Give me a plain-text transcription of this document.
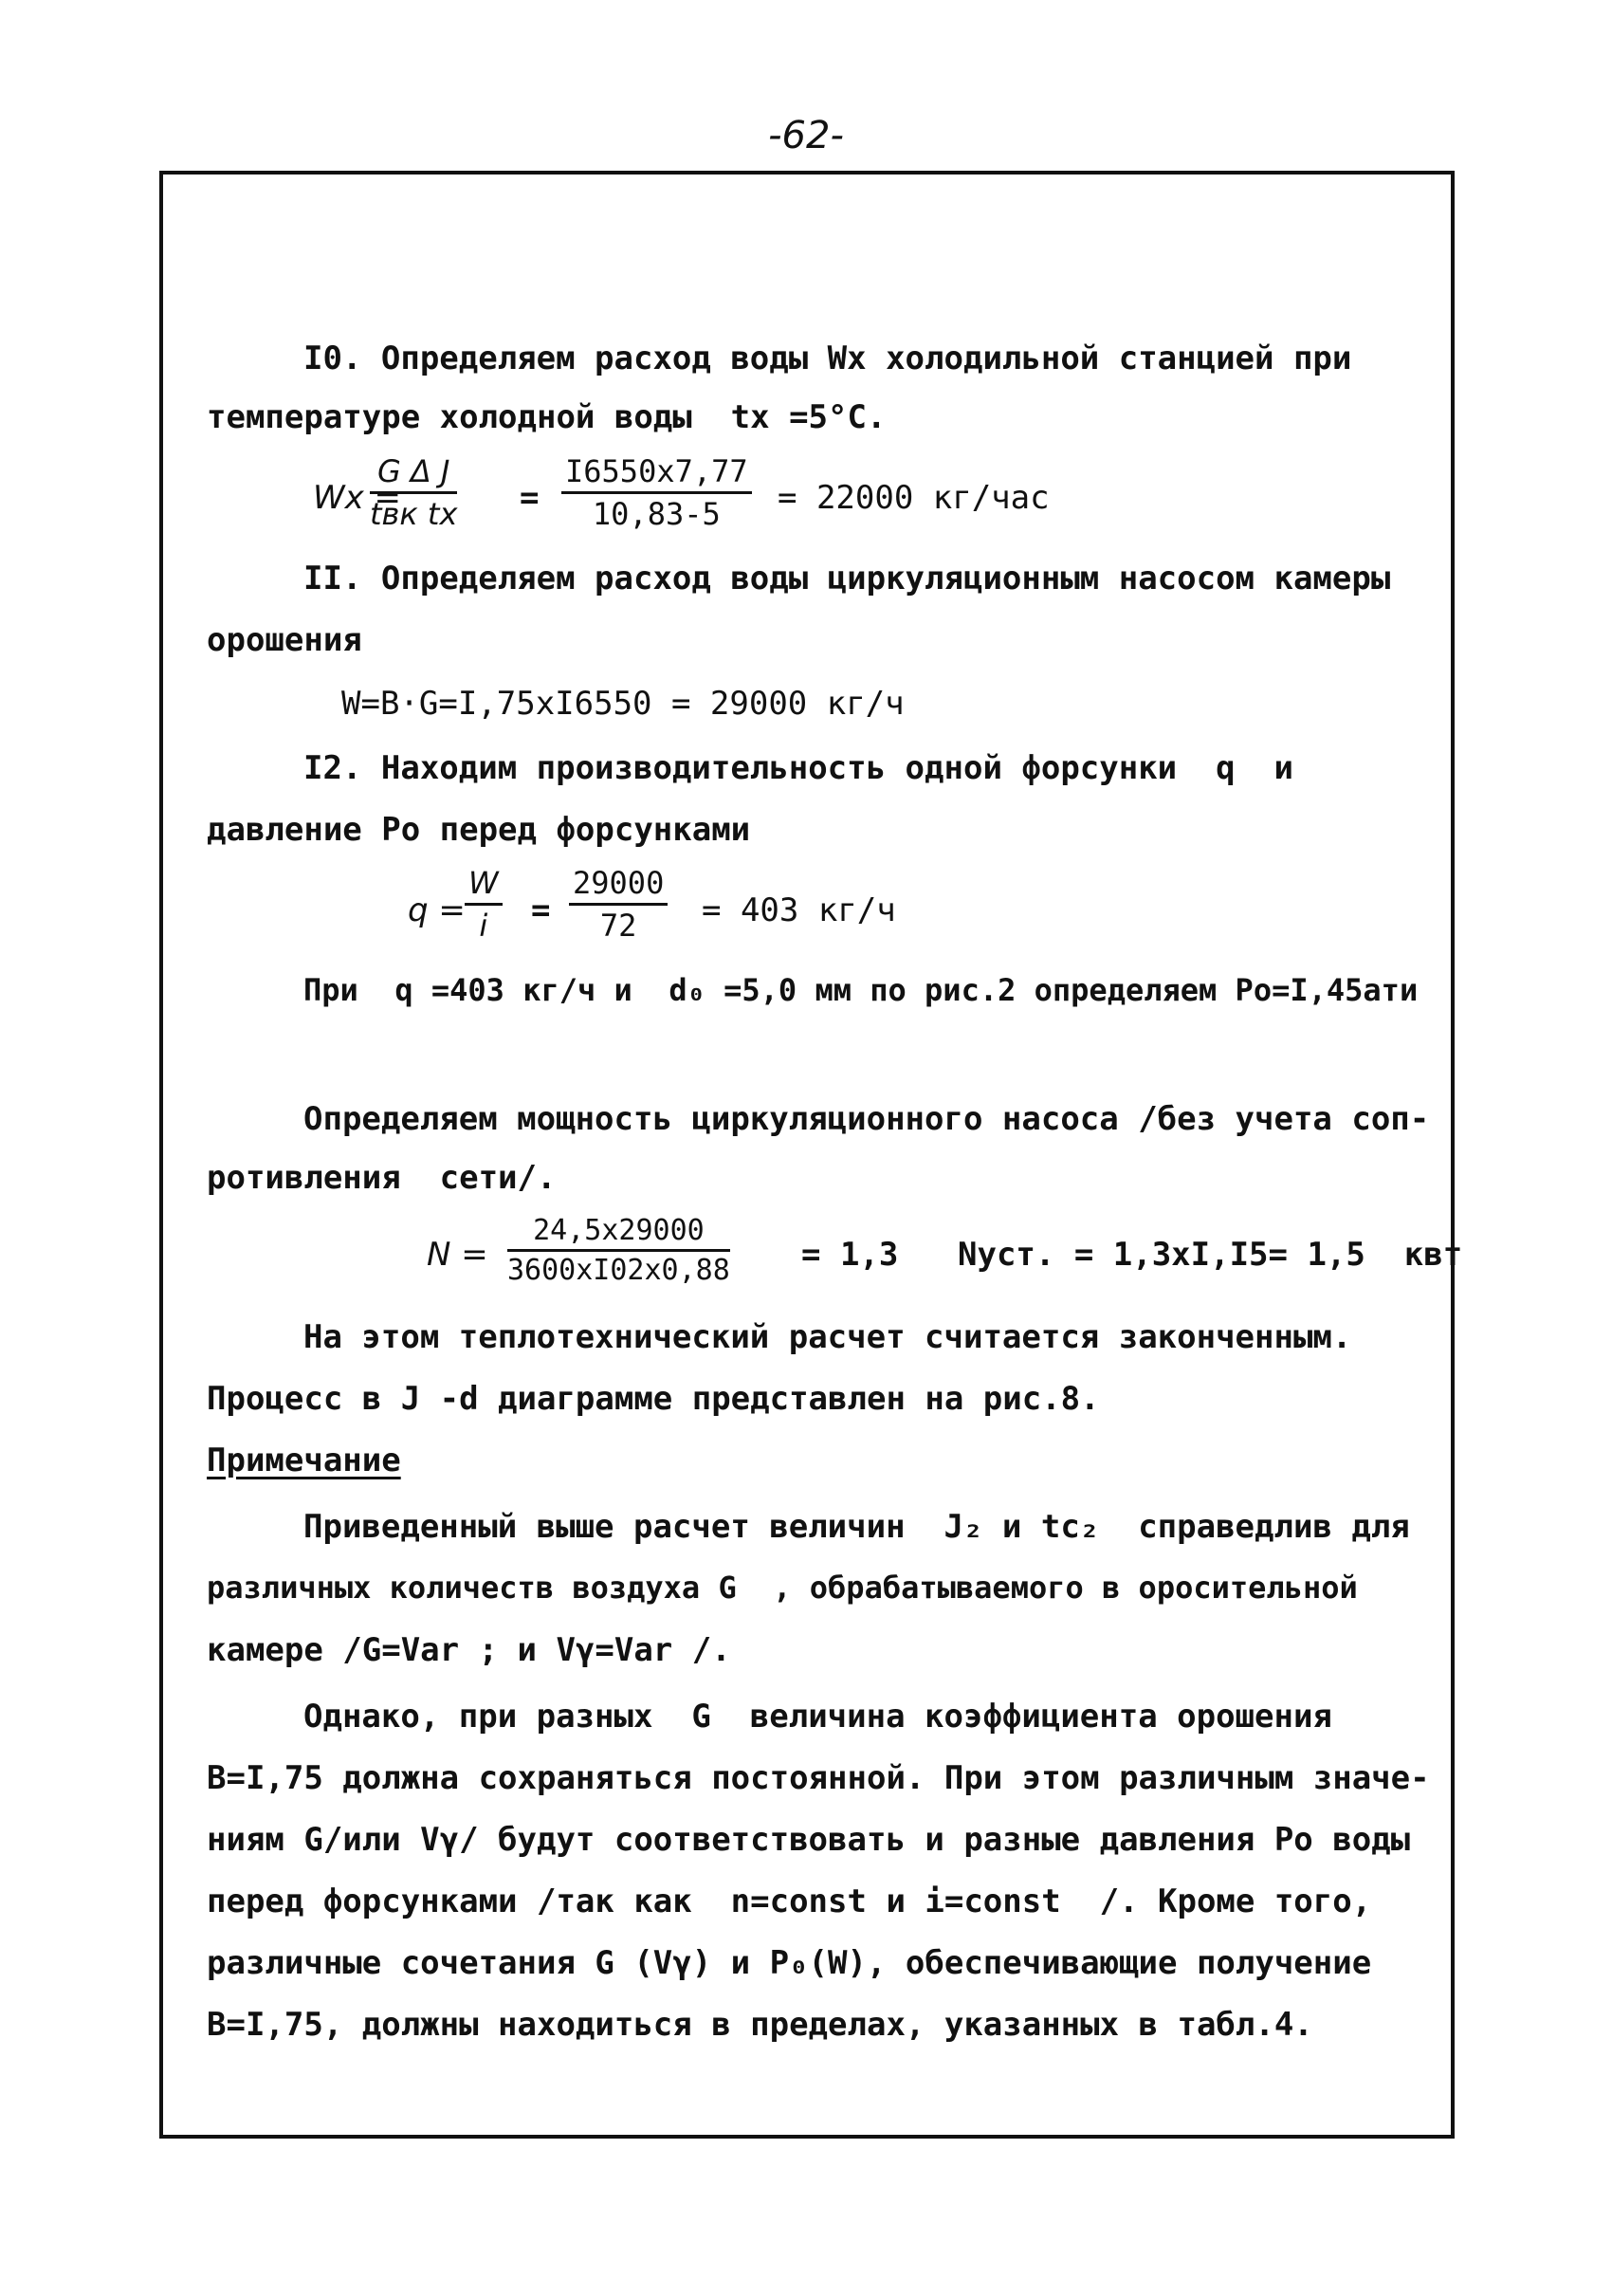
-62-
I0. Определяем расход воды Wx холодильной станцией при
температуре холодной воды  tx =5°C.
Wx =
G Δ J
tвк tx = $\frac{I6550x7,77}{10,83-5} = 22000$ кг/час
II. Определяем расход воды циркуляционным насосом камеры
орошения
W=B·G=I,75xI6550 = 29000 кг/ч
I2. Находим производительность одной форсунки  q  и
давление Po перед форсунками
$q = \frac{W}{i} = \frac{29000}{72} = 403$ кг/ч
При  q =403 кг/ч и  d₀ =5,0 мм по рис.2 определяем Po=I,45ати
Определяем мощность циркуляционного насоса /без учета соп-
ротивления  сети/.
$N = \frac{24,5x29000}{3600xI02x0,88} = 1,3$ Nуст. = 1,3xI,I5= 1,5  квт
На этом теплотехнический расчет считается законченным.
Процесс в J -d диаграмме представлен на рис.8.
Примечание
Приведенный выше расчет величин  J₂ и tc₂  справедлив для
различных количеств воздуха G  , обрабатываемого в оросительной
камере /G=Var ; и Vγ=Var /.
Однако, при разных  G  величина коэффициента орошения
B=I,75 должна сохраняться постоянной. При этом различным значе-
ниям G/или Vγ/ будут соответствовать и разные давления Po воды
перед форсунками /так как  n=const и i=const  /. Кроме того,
различные сочетания G (Vγ) и P₀(W), обеспечивающие получение
B=I,75, должны находиться в пределах, указанных в табл.4.
